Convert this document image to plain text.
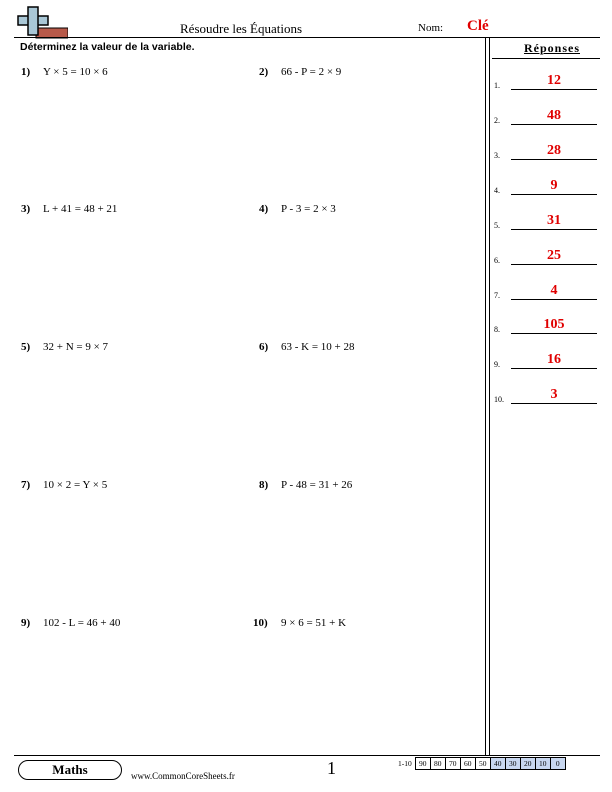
Résoudre les Équations	Nom: Clé
Déterminez la valeur de la variable.
1) Y × 5 = 10 × 6	2) 66 - P = 2 × 9
3) L + 41 = 48 + 21	4) P - 3 = 2 × 3
5) 32 + N = 9 × 7	6) 63 - K = 10 + 28
7) 10 × 2 = Y × 5	8) P - 48 = 31 + 26
9) 102 - L = 46 + 40	10) 9 × 6 = 51 + K
Réponses
1.	12
2.	48
3.	28
4.	9
5.	31
6.	25
7.	4
8.	105
9.	16
10.	3
Maths	www.CommonCoreSheets.fr	1	1-10	90	80	70	60	50	40	30	20	10	0
